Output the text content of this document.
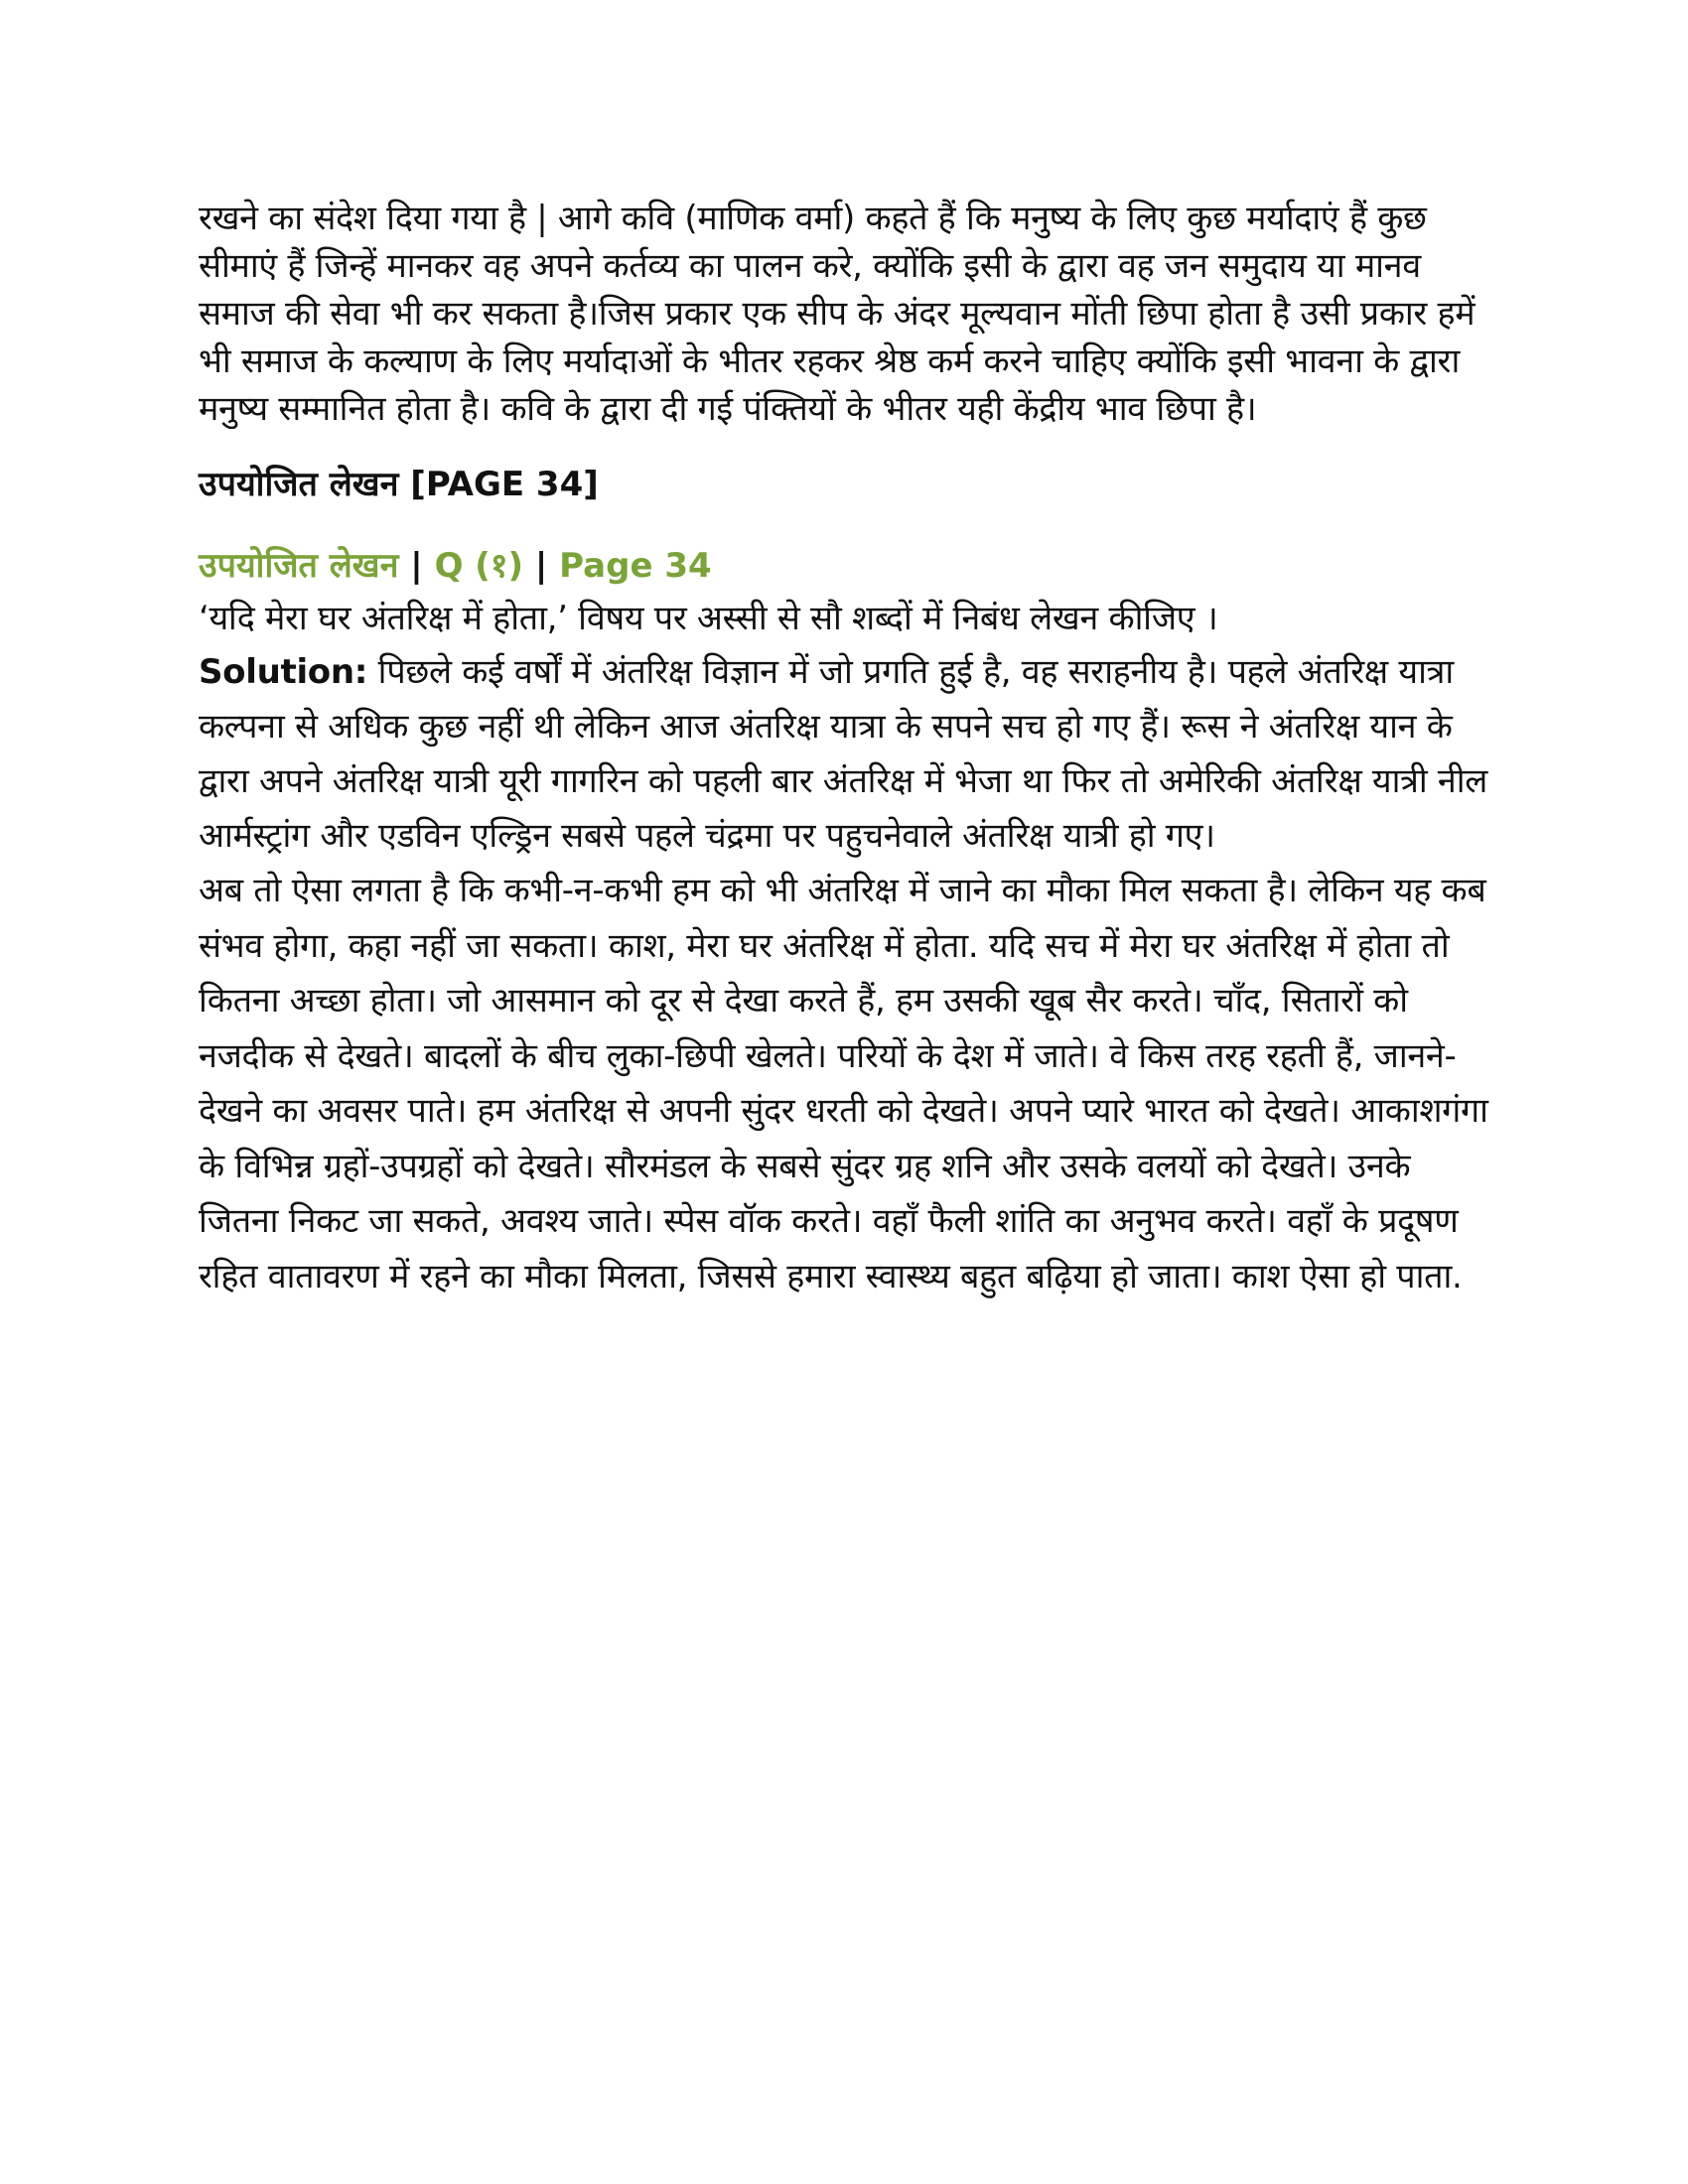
रखने का संदेश दिया गया है | आगे कवि (माणिक वर्मा) कहते हैं कि मनुष्य के लिए कुछ मर्यादाएं हैं कुछ सीमाएं हैं जिन्हें मानकर वह अपने कर्तव्य का पालन करे, क्योंकि इसी के द्वारा वह जन समुदाय या मानव समाज की सेवा भी कर सकता है।जिस प्रकार एक सीप के अंदर मूल्यवान मोंती छिपा होता है उसी प्रकार हमें भी समाज के कल्याण के लिए मर्यादाओं के भीतर रहकर श्रेष्ठ कर्म करने चाहिए क्योंकि इसी भावना के द्वारा मनुष्य सम्मानित होता है। कवि के द्वारा दी गई पंक्तियों के भीतर यही केंद्रीय भाव छिपा है।

उपयोजित लेखन [PAGE 34]
उपयोजित लेखन | Q (१) | Page 34

‘यदि मेरा घर अंतरिक्ष में होता,’ विषय पर अस्सी से सौ शब्दों में निबंध लेखन कीजिए ।

Solution: पिछले कई वर्षों में अंतरिक्ष विज्ञान में जो प्रगति हुई है, वह सराहनीय है। पहले अंतरिक्ष यात्रा कल्पना से अधिक कुछ नहीं थी लेकिन आज अंतरिक्ष यात्रा के सपने सच हो गए हैं। रूस ने अंतरिक्ष यान के द्वारा अपने अंतरिक्ष यात्री यूरी गागरिन को पहली बार अंतरिक्ष में भेजा था फिर तो अमेरिकी अंतरिक्ष यात्री नील आर्मस्ट्रांग और एडविन एल्ड्रिन सबसे पहले चंद्रमा पर पहुचनेवाले अंतरिक्ष यात्री हो गए।

अब तो ऐसा लगता है कि कभी-न-कभी हम को भी अंतरिक्ष में जाने का मौका मिल सकता है। लेकिन यह कब संभव होगा, कहा नहीं जा सकता। काश, मेरा घर अंतरिक्ष में होता. यदि सच में मेरा घर अंतरिक्ष में होता तो कितना अच्छा होता। जो आसमान को दूर से देखा करते हैं, हम उसकी खूब सैर करते। चाँद, सितारों को नजदीक से देखते। बादलों के बीच लुका-छिपी खेलते। परियों के देश में जाते। वे किस तरह रहती हैं, जानने-देखने का अवसर पाते। हम अंतरिक्ष से अपनी सुंदर धरती को देखते। अपने प्यारे भारत को देखते। आकाशगंगा के विभिन्न ग्रहों-उपग्रहों को देखते। सौरमंडल के सबसे सुंदर ग्रह शनि और उसके वलयों को देखते। उनके जितना निकट जा सकते, अवश्य जाते। स्पेस वॉक करते। वहाँ फैली शांति का अनुभव करते। वहाँ के प्रदूषण रहित वातावरण में रहने का मौका मिलता, जिससे हमारा स्वास्थ्य बहुत बढ़िया हो जाता। काश ऐसा हो पाता.
